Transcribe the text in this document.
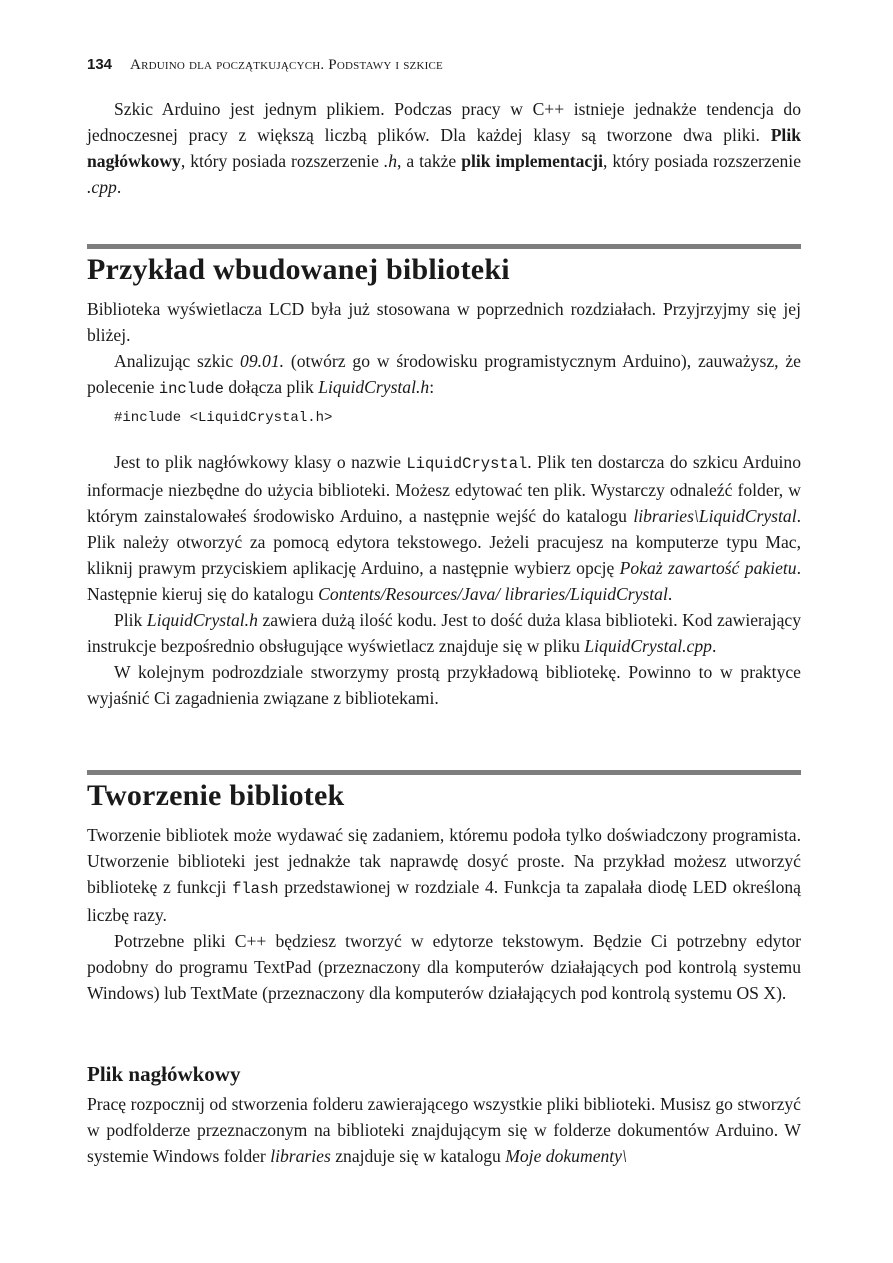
134 Arduino dla początkujących. Podstawy i szkice

Szkic Arduino jest jednym plikiem. Podczas pracy w C++ istnieje jednakże tendencja do jednoczesnej pracy z większą liczbą plików. Dla każdej klasy są tworzone dwa pliki. Plik nagłówkowy, który posiada rozszerzenie .h, a także plik implementacji, który posiada rozszerzenie .cpp.

Przykład wbudowanej biblioteki

Biblioteka wyświetlacza LCD była już stosowana w poprzednich rozdziałach. Przyjrzyjmy się jej bliżej.

Analizując szkic 09.01. (otwórz go w środowisku programistycznym Arduino), zauważysz, że polecenie include dołącza plik LiquidCrystal.h:

#include <LiquidCrystal.h>

Jest to plik nagłówkowy klasy o nazwie LiquidCrystal. Plik ten dostarcza do szkicu Arduino informacje niezbędne do użycia biblioteki. Możesz edytować ten plik. Wystarczy odnaleźć folder, w którym zainstalowałeś środowisko Arduino, a następnie wejść do katalogu libraries\LiquidCrystal. Plik należy otworzyć za pomocą edytora tekstowego. Jeżeli pracujesz na komputerze typu Mac, kliknij prawym przyciskiem aplikację Arduino, a następnie wybierz opcję Pokaż zawartość pakietu. Następnie kieruj się do katalogu Contents/Resources/Java/ libraries/LiquidCrystal.

Plik LiquidCrystal.h zawiera dużą ilość kodu. Jest to dość duża klasa biblioteki. Kod zawierający instrukcje bezpośrednio obsługujące wyświetlacz znajduje się w pliku LiquidCrystal.cpp.

W kolejnym podrozdziale stworzymy prostą przykładową bibliotekę. Powinno to w praktyce wyjaśnić Ci zagadnienia związane z bibliotekami.

Tworzenie bibliotek

Tworzenie bibliotek może wydawać się zadaniem, któremu podoła tylko doświadczony programista. Utworzenie biblioteki jest jednakże tak naprawdę dosyć proste. Na przykład możesz utworzyć bibliotekę z funkcji flash przedstawionej w rozdziale 4. Funkcja ta zapalała diodę LED określoną liczbę razy.

Potrzebne pliki C++ będziesz tworzyć w edytorze tekstowym. Będzie Ci potrzebny edytor podobny do programu TextPad (przeznaczony dla komputerów działających pod kontrolą systemu Windows) lub TextMate (przeznaczony dla komputerów działających pod kontrolą systemu OS X).

Plik nagłówkowy

Pracę rozpocznij od stworzenia folderu zawierającego wszystkie pliki biblioteki. Musisz go stworzyć w podfolderze przeznaczonym na biblioteki znajdującym się w folderze dokumentów Arduino. W systemie Windows folder libraries znajduje się w katalogu Moje dokumenty\
